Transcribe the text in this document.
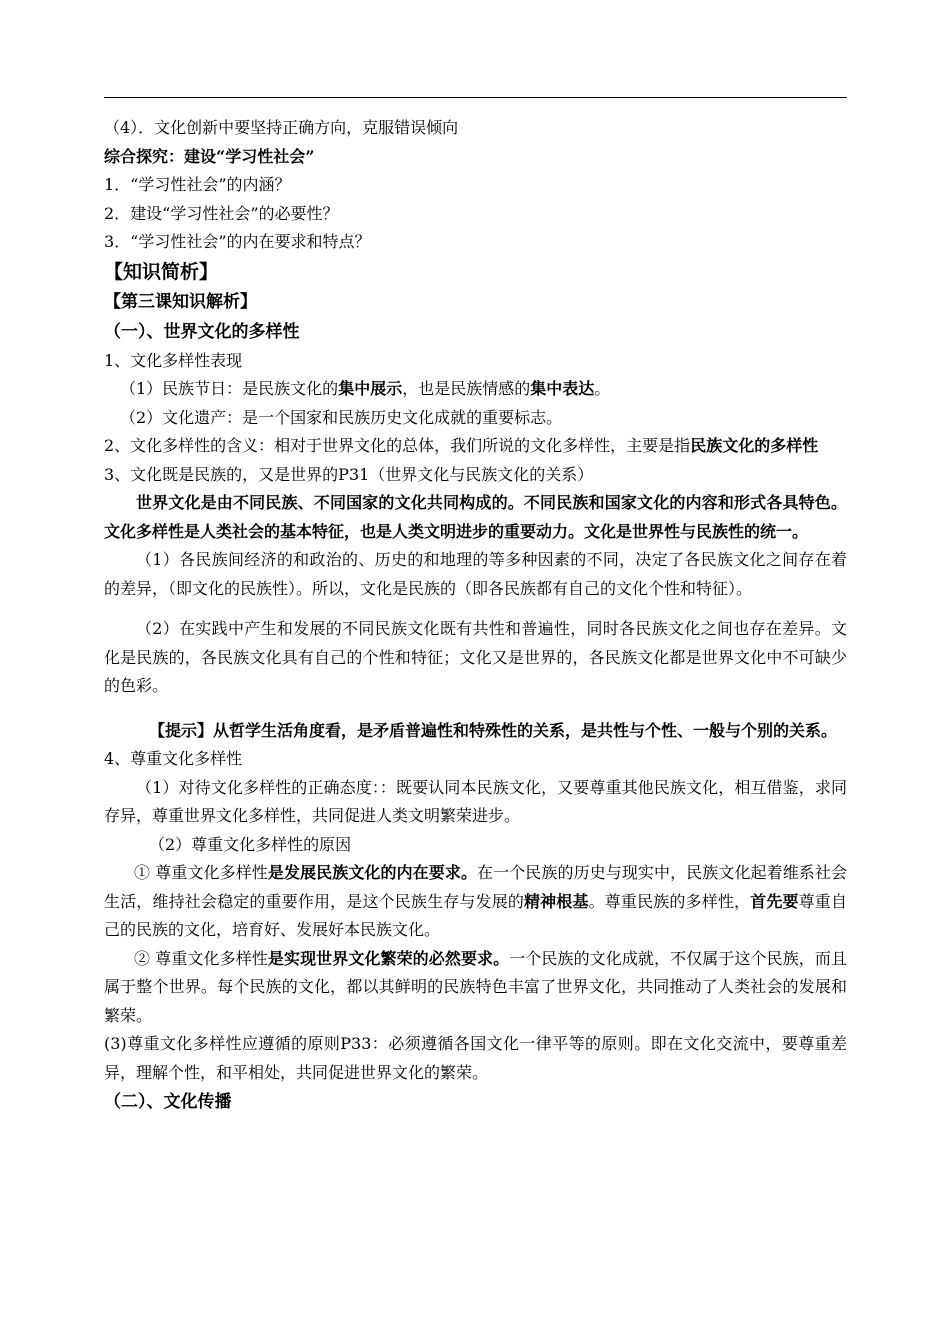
（4）．文化创新中要坚持正确方向，克服错误倾向

综合探究：建设“学习性社会”

1．“学习性社会”的内涵？

2．建设“学习性社会”的必要性？

3．“学习性社会”的内在要求和特点？

【知识简析】

【第三课知识解析】

（一）、世界文化的多样性

1、文化多样性表现

（1）民族节日：是民族文化的集中展示，也是民族情感的集中表达。

（2）文化遗产：是一个国家和民族历史文化成就的重要标志。

2、文化多样性的含义：相对于世界文化的总体，我们所说的文化多样性，主要是指民族文化的多样性

3、文化既是民族的，又是世界的P31（世界文化与民族文化的关系）

世界文化是由不同民族、不同国家的文化共同构成的。不同民族和国家文化的内容和形式各具特色。文化多样性是人类社会的基本特征，也是人类文明进步的重要动力。文化是世界性与民族性的统一。

（1）各民族间经济的和政治的、历史的和地理的等多种因素的不同，决定了各民族文化之间存在着的差异，（即文化的民族性）。所以，文化是民族的（即各民族都有自己的文化个性和特征）。

（2）在实践中产生和发展的不同民族文化既有共性和普遍性，同时各民族文化之间也存在差异。文化是民族的，各民族文化具有自己的个性和特征；文化又是世界的，各民族文化都是世界文化中不可缺少的色彩。

【提示】从哲学生活角度看，是矛盾普遍性和特殊性的关系，是共性与个性、一般与个别的关系。

4、尊重文化多样性

（1）对待文化多样性的正确态度：：既要认同本民族文化，又要尊重其他民族文化，相互借鉴，求同存异，尊重世界文化多样性，共同促进人类文明繁荣进步。

（2）尊重文化多样性的原因

① 尊重文化多样性是发展民族文化的内在要求。在一个民族的历史与现实中，民族文化起着维系社会生活，维持社会稳定的重要作用，是这个民族生存与发展的精神根基。尊重民族的多样性，首先要尊重自己的民族的文化，培育好、发展好本民族文化。

② 尊重文化多样性是实现世界文化繁荣的必然要求。一个民族的文化成就，不仅属于这个民族，而且属于整个世界。每个民族的文化，都以其鲜明的民族特色丰富了世界文化，共同推动了人类社会的发展和繁荣。

(3)尊重文化多样性应遵循的原则P33：必须遵循各国文化一律平等的原则。即在文化交流中，要尊重差异，理解个性，和平相处，共同促进世界文化的繁荣。

（二）、文化传播
